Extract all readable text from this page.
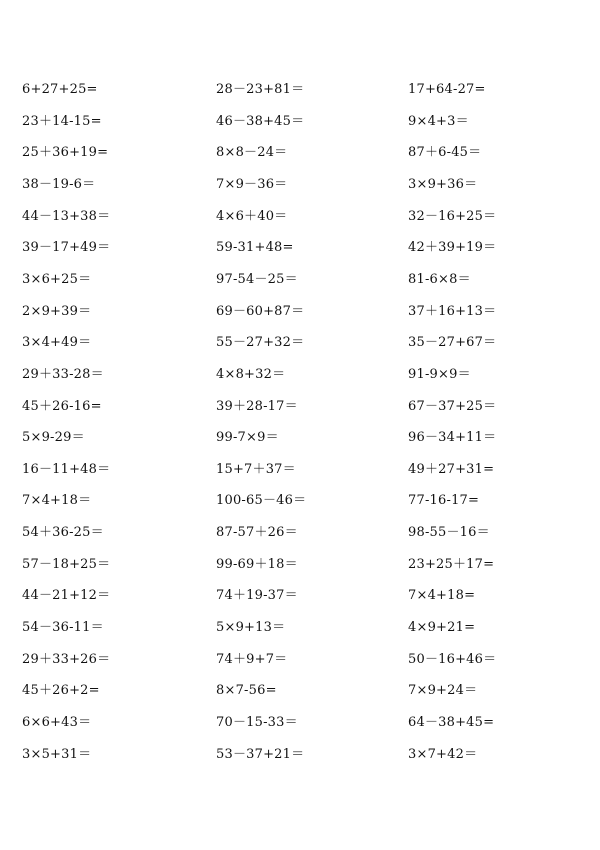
6+27+25=
23＋14-15=
25＋36+19=
38－19-6＝
44－13+38＝
39－17+49＝
3×6+25＝
2×9+39＝
3×4+49＝
29＋33-28＝
45＋26-16=
5×9-29＝
16－11+48＝
7×4+18＝
54＋36-25＝
57－18+25＝
44－21+12＝
54－36-11＝
29＋33+26＝
45＋26+2=
6×6+43＝
3×5+31＝
28－23+81＝
46－38+45＝
8×8－24＝
7×9－36＝
4×6＋40＝
59-31+48=
97-54－25＝
69－60+87＝
55－27+32＝
4×8+32＝
39＋28-17＝
99-7×9＝
15+7＋37＝
100-65－46＝
87-57＋26＝
99-69＋18＝
74＋19-37＝
5×9+13＝
74＋9+7＝
8×7-56=
70－15-33＝
53－37+21＝
17+64-27=
9×4+3＝
87＋6-45＝
3×9+36＝
32－16+25＝
42＋39+19＝
81-6×8＝
37＋16+13＝
35－27+67＝
91-9×9＝
67－37+25＝
96－34+11＝
49＋27+31=
77-16-17=
98-55－16＝
23+25＋17=
7×4+18=
4×9+21=
50－16+46＝
7×9+24＝
64－38+45=
3×7+42＝
